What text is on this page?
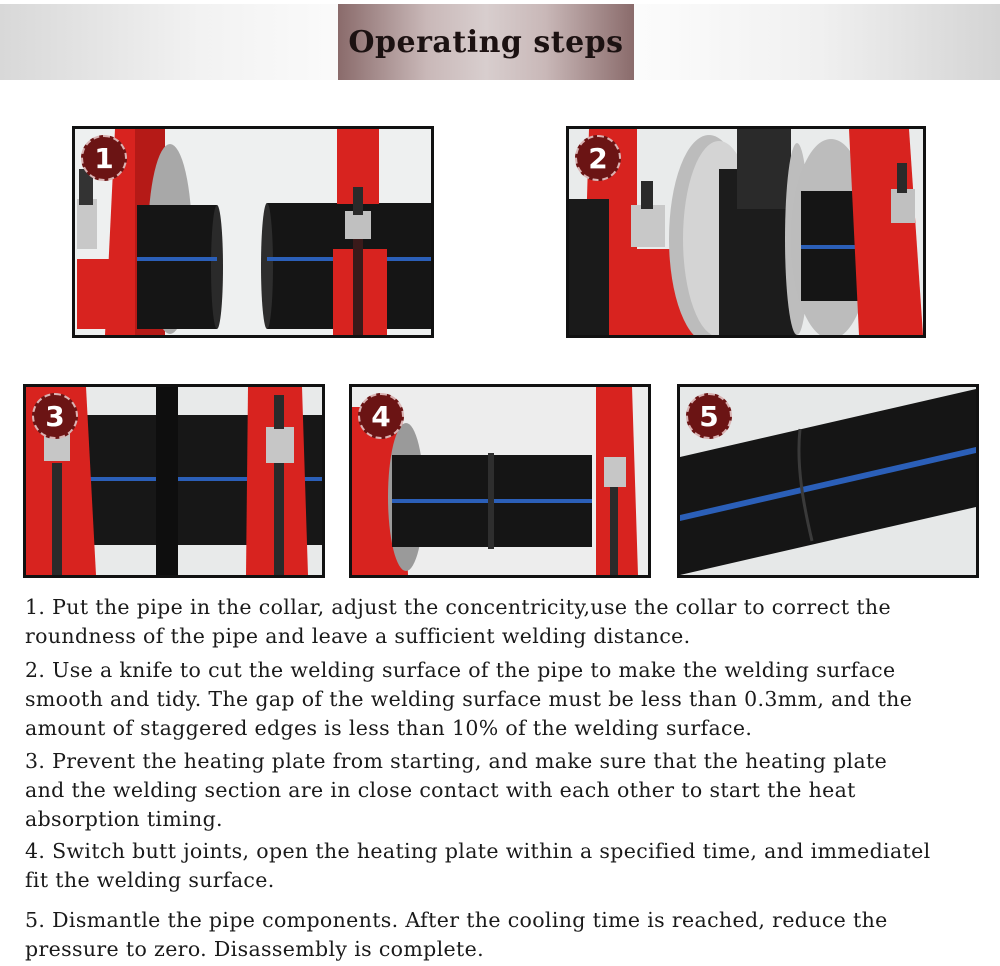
Operating steps
1	2
3	4	5
1. Put the pipe in the collar, adjust the concentricity,use the collar to correct the
roundness of the pipe and leave a sufficient welding distance.
2. Use a knife to cut the welding surface of the pipe to make the welding surface
smooth and tidy. The gap of the welding surface must be less than 0.3mm, and the
amount of staggered edges is less than 10% of the welding surface.
3. Prevent the heating plate from starting, and make sure that the heating plate
and the welding section are in close contact with each other to start the heat
absorption timing.
4. Switch butt joints, open the heating plate within a specified time, and immediatel
fit the welding surface.
5. Dismantle the pipe components. After the cooling time is reached, reduce the
pressure to zero. Disassembly is complete.
